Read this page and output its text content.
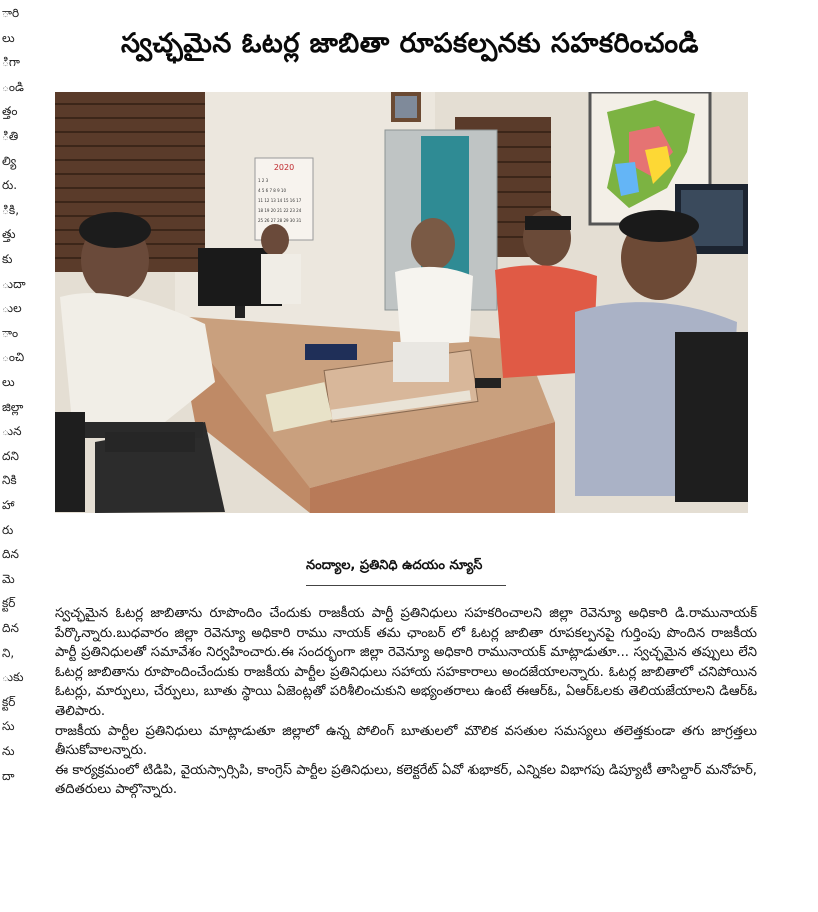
ారి
లు
ిగా
ండి
త్తం
ితి
ల్యి
రు.
ికి,
త్తు
కు
ుదా
ుల
ాం
ంచి
లు
జిల్లా
ున
దని
నికి
హా
రు
దిన
మె
క్టర్
దిన
ని,
ుకు
క్టర్
సు
ను
దా
స్వచ్ఛమైన ఓటర్ల జాబితా రూపకల్పనకు సహకరించండి
2020
1 2 3
4 5 6 7 8 9 10
11 12 13 14 15 16 17
18 19 20 21 22 23 24
25 26 27 28 29 30 31
నంద్యాల, ప్రతినిధి ఉదయం న్యూస్

స్వచ్ఛమైన ఓటర్ల జాబితాను రూపొందిం చేందుకు రాజకీయ పార్టీ ప్రతినిధులు సహకరించాలని జిల్లా రెవెన్యూ అధికారి డి.రామునాయక్ పేర్కొన్నారు.బుధవారం జిల్లా రెవెన్యూ అధికారి రాము నాయక్ తమ ఛాంబర్ లో ఓటర్ల జాబితా రూపకల్పనపై గుర్తింపు పొందిన రాజకీయ పార్టీ ప్రతినిధులతో సమావేశం నిర్వహించారు.ఈ సందర్భంగా జిల్లా రెవెన్యూ అధికారి రామునాయక్ మాట్లాడుతూ... స్వచ్ఛమైన తప్పులు లేని ఓటర్ల జాబితాను రూపొందించేందుకు రాజకీయ పార్టీల ప్రతినిధులు సహాయ సహకారాలు అందజేయాలన్నారు. ఓటర్ల జాబితాలో చనిపోయిన ఓటర్లు, మార్పులు, చేర్పులు, బూతు స్థాయి ఏజెంట్లతో పరిశీలించుకుని అభ్యంతరాలు ఉంటే ఈఆర్ఓ, ఏఆర్ఓలకు తెలియజేయాలని డిఆర్ఓ తెలిపారు.

రాజకీయ పార్టీల ప్రతినిధులు మాట్లాడుతూ జిల్లాలో ఉన్న పోలింగ్ బూతులలో మౌలిక వసతుల సమస్యలు తలెత్తకుండా తగు జాగ్రత్తలు తీసుకోవాలన్నారు.

ఈ కార్యక్రమంలో టిడిపి, వైయస్సార్సిపి, కాంగ్రెస్ పార్టీల ప్రతినిధులు, కలెక్టరేట్ ఏవో శుభాకర్, ఎన్నికల విభాగపు డిప్యూటీ తాసిల్దార్ మనోహర్, తదితరులు పాల్గొన్నారు.
